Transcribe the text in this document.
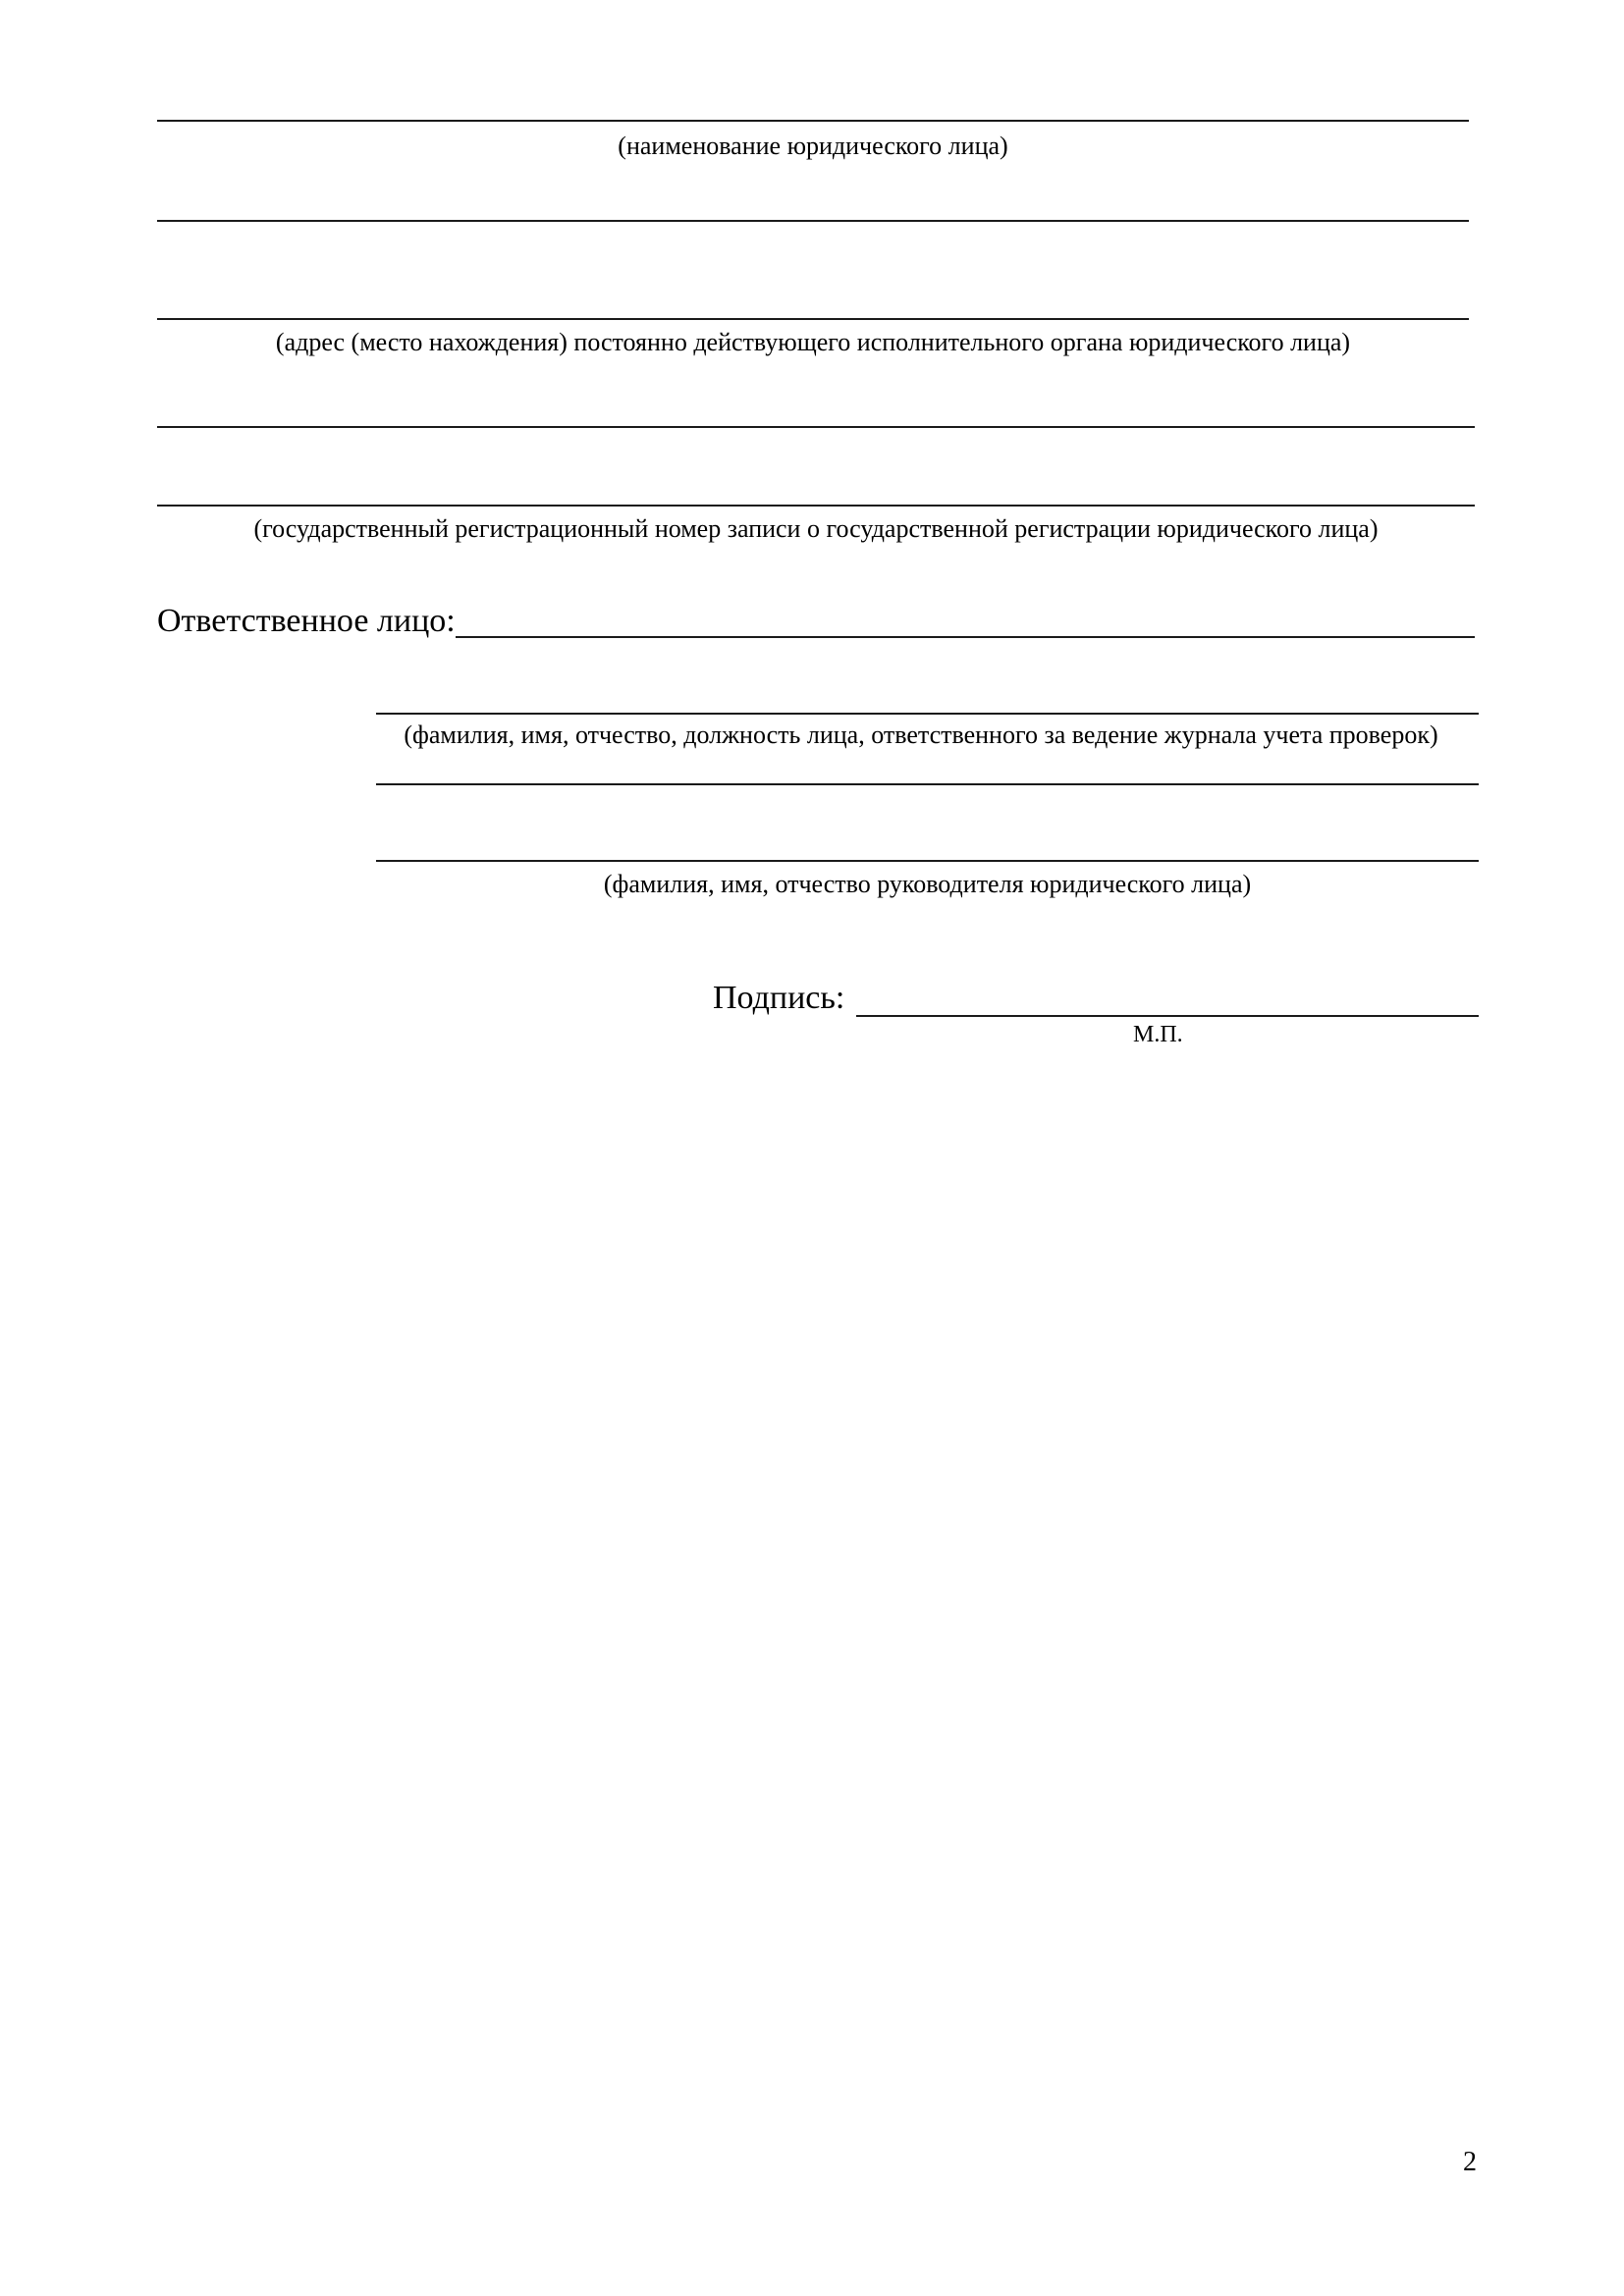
(наименование юридического лица)
(адрес (место нахождения) постоянно действующего исполнительного органа юридического лица)
(государственный регистрационный номер записи о государственной регистрации юридического лица)
Ответственное лицо:
(фамилия, имя, отчество, должность лица, ответственного за ведение журнала учета проверок)
(фамилия, имя, отчество руководителя юридического лица)
Подпись:
М.П.
2
